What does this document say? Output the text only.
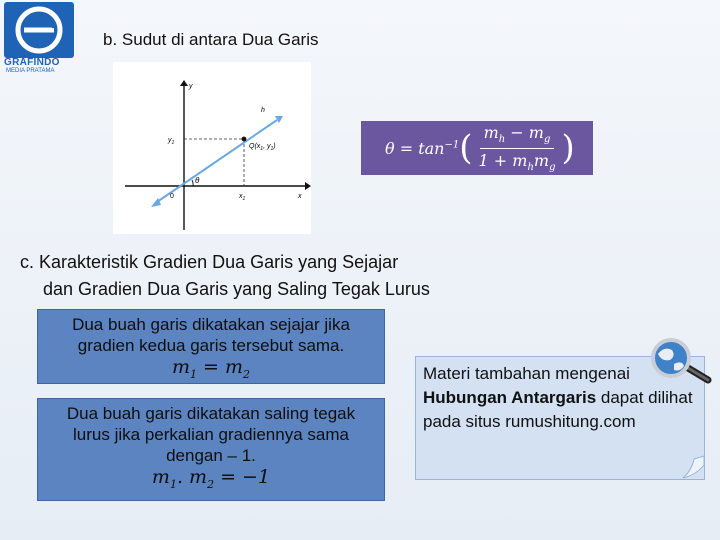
GRAFINDO
MEDIA PRATAMA
b. Sudut di antara Dua Garis
y
x
0
h
$y_1$
$x_1$
$Q(x_1$, $y_1$)
θ
$\theta = \tan^{-1}$ ( $\frac{m_h - m_g}{1 + m_hm_g}$ )
c. Karakteristik Gradien Dua Garis yang Sejajar
dan Gradien Dua Garis yang Saling Tegak Lurus
Dua buah garis dikatakan sejajar jika gradien kedua garis tersebut sama.
$m_1 = m_2$
Dua buah garis dikatakan saling tegak lurus jika perkalian gradiennya sama dengan – 1.
$m_1$. $m_2 = -1$
Materi tambahan mengenai Hubungan Antargaris dapat dilihat pada situs rumushitung.com
